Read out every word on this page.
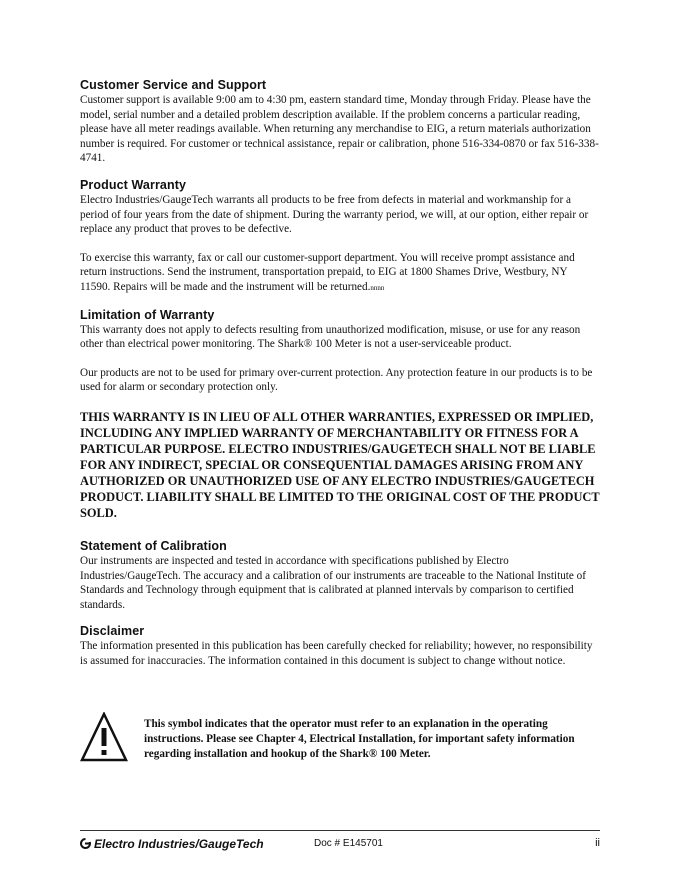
Customer Service and Support

Customer support is available 9:00 am to 4:30 pm, eastern standard time, Monday through Friday. Please have the model, serial number and a detailed problem description available. If the problem concerns a particular reading, please have all meter readings available. When returning any merchandise to EIG, a return materials authorization number is required. For customer or technical assistance, repair or calibration, phone 516-334-0870 or fax 516-338-4741.

Product Warranty

Electro Industries/GaugeTech warrants all products to be free from defects in material and workmanship for a period of four years from the date of shipment. During the warranty period, we will, at our option, either repair or replace any product that proves to be defective.

To exercise this warranty, fax or call our customer-support department. You will receive prompt assistance and return instructions. Send the instrument, transportation prepaid, to EIG at 1800 Shames Drive, Westbury, NY 11590. Repairs will be made and the instrument will be returned.nnnn

Limitation of Warranty

This warranty does not apply to defects resulting from unauthorized modification, misuse, or use for any reason other than electrical power monitoring. The Shark® 100 Meter is not a user-serviceable product.

Our products are not to be used for primary over-current protection. Any protection feature in our products is to be used for alarm or secondary protection only.

THIS WARRANTY IS IN LIEU OF ALL OTHER WARRANTIES, EXPRESSED OR IMPLIED, INCLUDING ANY IMPLIED WARRANTY OF MERCHANTABILITY OR FITNESS FOR A PARTICULAR PURPOSE. ELECTRO INDUSTRIES/GAUGETECH SHALL NOT BE LIABLE FOR ANY INDIRECT, SPECIAL OR CONSEQUENTIAL DAMAGES ARISING FROM ANY AUTHORIZED OR UNAUTHORIZED USE OF ANY ELECTRO INDUSTRIES/GAUGETECH PRODUCT. LIABILITY SHALL BE LIMITED TO THE ORIGINAL COST OF THE PRODUCT SOLD.

Statement of Calibration

Our instruments are inspected and tested in accordance with specifications published by Electro Industries/GaugeTech. The accuracy and a calibration of our instruments are traceable to the National Institute of Standards and Technology through equipment that is calibrated at planned intervals by comparison to certified standards.

Disclaimer

The information presented in this publication has been carefully checked for reliability; however, no responsibility is assumed for inaccuracies. The information contained in this document is subject to change without notice.

This symbol indicates that the operator must refer to an explanation in the operating instructions. Please see Chapter 4, Electrical Installation, for important safety information regarding installation and hookup of the Shark® 100 Meter.
Electro Industries/GaugeTech	Doc # E145701	ii
